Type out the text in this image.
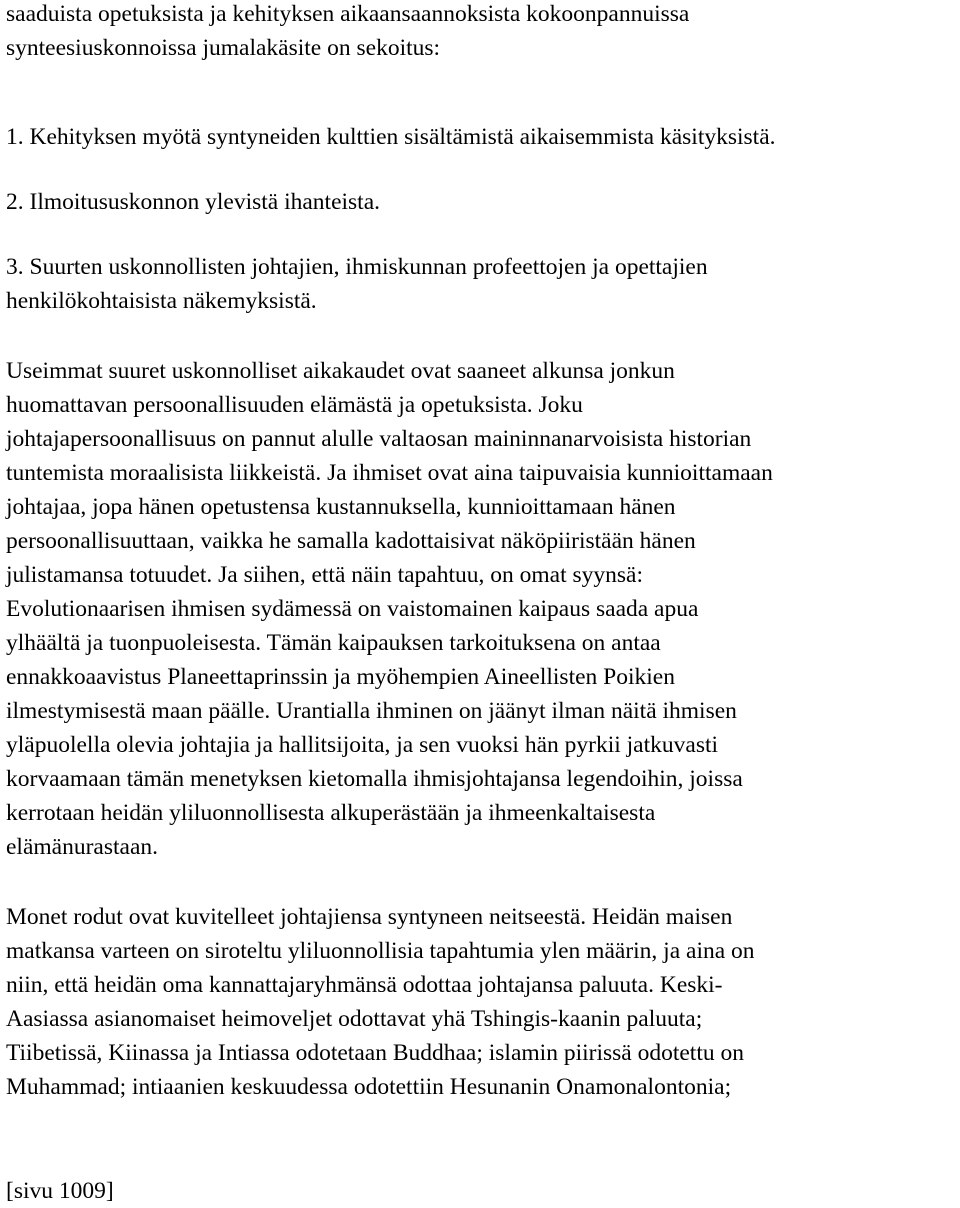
saaduista opetuksista ja kehityksen aikaansaannoksista kokoonpannuissa
synteesiuskonnoissa jumalakäsite on sekoitus:
1. Kehityksen myötä syntyneiden kulttien sisältämistä aikaisemmista käsityksistä.
2. Ilmoitususkonnon ylevistä ihanteista.
3. Suurten uskonnollisten johtajien, ihmiskunnan profeettojen ja opettajien
henkilökohtaisista näkemyksistä.
Useimmat suuret uskonnolliset aikakaudet ovat saaneet alkunsa jonkun
huomattavan persoonallisuuden elämästä ja opetuksista. Joku
johtajapersoonallisuus on pannut alulle valtaosan maininnanarvoisista historian
tuntemista moraalisista liikkeistä. Ja ihmiset ovat aina taipuvaisia kunnioittamaan
johtajaa, jopa hänen opetustensa kustannuksella, kunnioittamaan hänen
persoonallisuuttaan, vaikka he samalla kadottaisivat näköpiiristään hänen
julistamansa totuudet. Ja siihen, että näin tapahtuu, on omat syynsä:
Evolutionaarisen ihmisen sydämessä on vaistomainen kaipaus saada apua
ylhäältä ja tuonpuoleisesta. Tämän kaipauksen tarkoituksena on antaa
ennakkoaavistus Planeettaprinssin ja myöhempien Aineellisten Poikien
ilmestymisestä maan päälle. Urantialla ihminen on jäänyt ilman näitä ihmisen
yläpuolella olevia johtajia ja hallitsijoita, ja sen vuoksi hän pyrkii jatkuvasti
korvaamaan tämän menetyksen kietomalla ihmisjohtajansa legendoihin, joissa
kerrotaan heidän yliluonnollisesta alkuperästään ja ihmeenkaltaisesta
elämänurastaan.
Monet rodut ovat kuvitelleet johtajiensa syntyneen neitseestä. Heidän maisen
matkansa varteen on siroteltu yliluonnollisia tapahtumia ylen määrin, ja aina on
niin, että heidän oma kannattajaryhmänsä odottaa johtajansa paluuta. Keski-
Aasiassa asianomaiset heimoveljet odottavat yhä Tshingis-kaanin paluuta;
Tiibetissä, Kiinassa ja Intiassa odotetaan Buddhaa; islamin piirissä odotettu on
Muhammad; intiaanien keskuudessa odotettiin Hesunanin Onamonalontonia;
[sivu 1009]
